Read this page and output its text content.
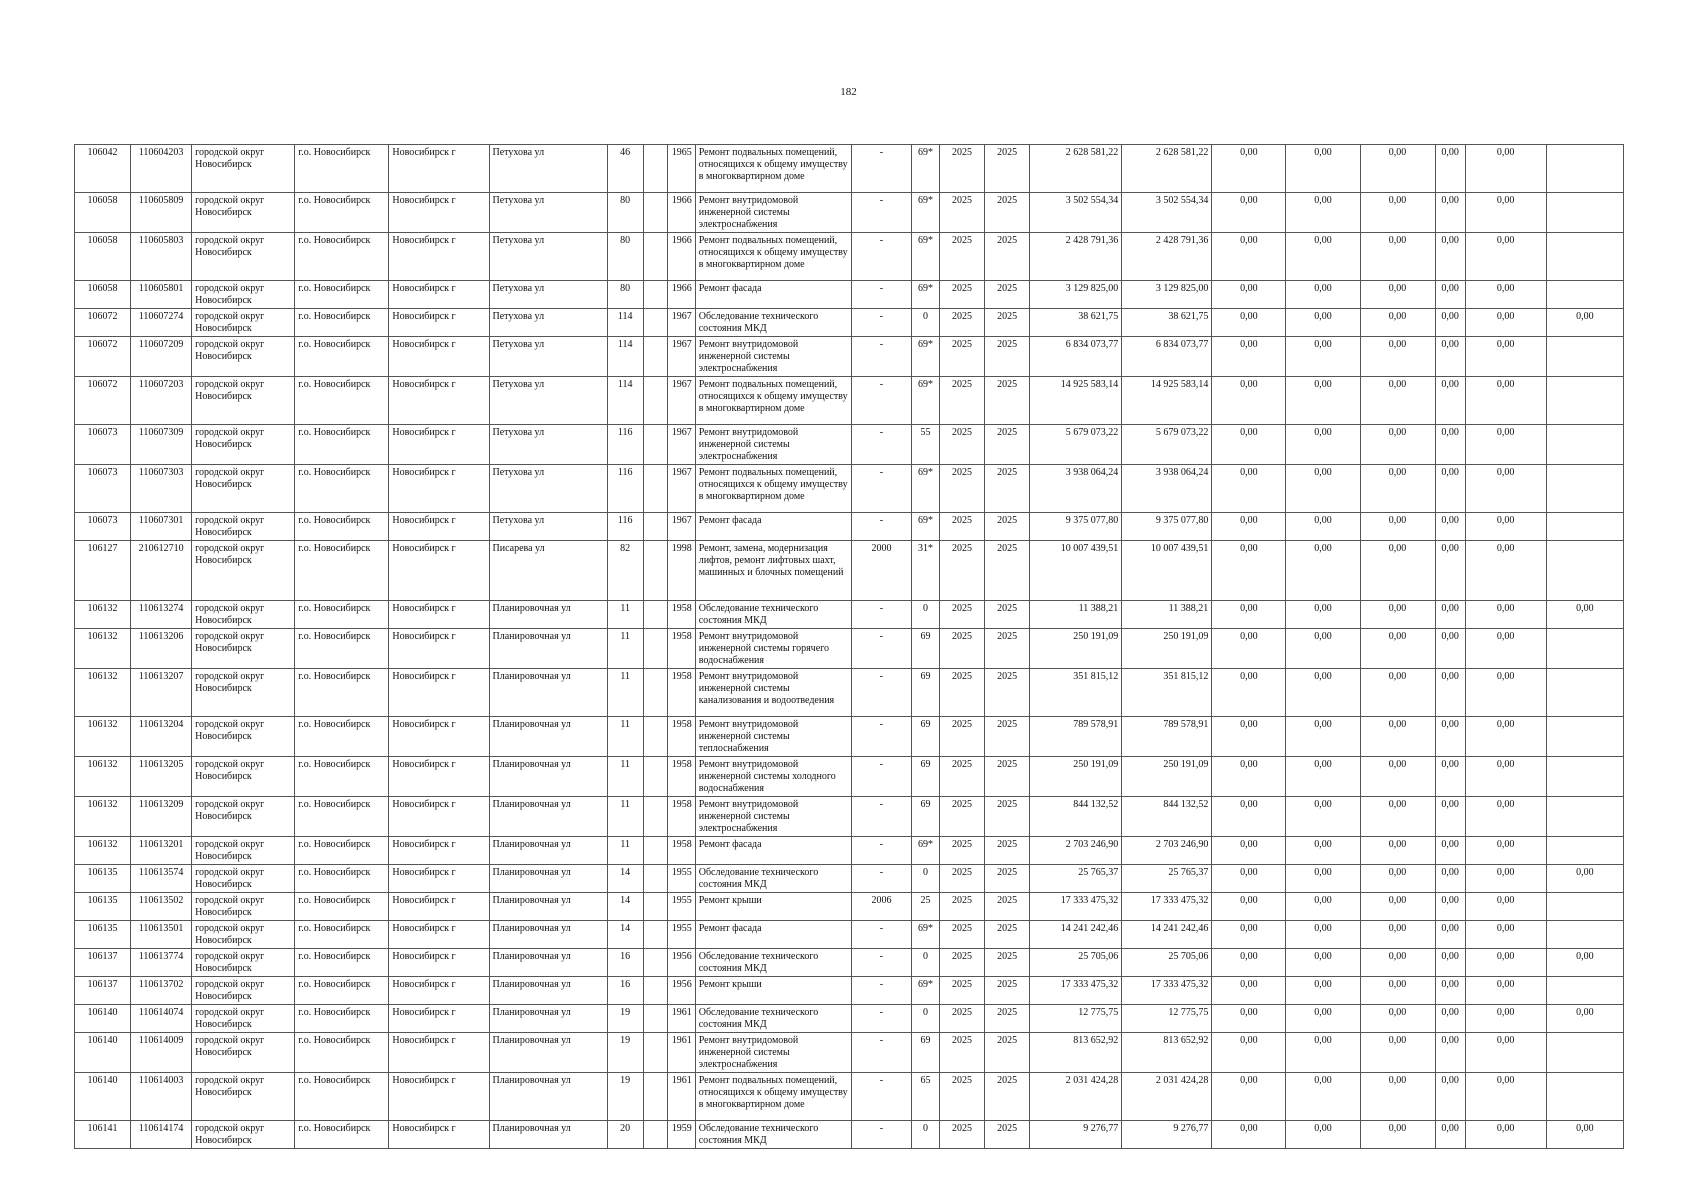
182
106042	110604203	городской округ Новосибирск	г.о. Новосибирск	Новосибирск г	Петухова ул	46		1965	Ремонт подвальных помещений, относящихся к общему имуществу в многоквартирном доме	-	69*	2025	2025	2 628 581,22	2 628 581,22	0,00	0,00	0,00	0,00	0,00	
106058	110605809	городской округ Новосибирск	г.о. Новосибирск	Новосибирск г	Петухова ул	80		1966	Ремонт внутридомовой инженерной системы электроснабжения	-	69*	2025	2025	3 502 554,34	3 502 554,34	0,00	0,00	0,00	0,00	0,00	
106058	110605803	городской округ Новосибирск	г.о. Новосибирск	Новосибирск г	Петухова ул	80		1966	Ремонт подвальных помещений, относящихся к общему имуществу в многоквартирном доме	-	69*	2025	2025	2 428 791,36	2 428 791,36	0,00	0,00	0,00	0,00	0,00	
106058	110605801	городской округ Новосибирск	г.о. Новосибирск	Новосибирск г	Петухова ул	80		1966	Ремонт фасада	-	69*	2025	2025	3 129 825,00	3 129 825,00	0,00	0,00	0,00	0,00	0,00	
106072	110607274	городской округ Новосибирск	г.о. Новосибирск	Новосибирск г	Петухова ул	114		1967	Обследование технического состояния МКД	-	0	2025	2025	38 621,75	38 621,75	0,00	0,00	0,00	0,00	0,00	0,00
106072	110607209	городской округ Новосибирск	г.о. Новосибирск	Новосибирск г	Петухова ул	114		1967	Ремонт внутридомовой инженерной системы электроснабжения	-	69*	2025	2025	6 834 073,77	6 834 073,77	0,00	0,00	0,00	0,00	0,00	
106072	110607203	городской округ Новосибирск	г.о. Новосибирск	Новосибирск г	Петухова ул	114		1967	Ремонт подвальных помещений, относящихся к общему имуществу в многоквартирном доме	-	69*	2025	2025	14 925 583,14	14 925 583,14	0,00	0,00	0,00	0,00	0,00	
106073	110607309	городской округ Новосибирск	г.о. Новосибирск	Новосибирск г	Петухова ул	116		1967	Ремонт внутридомовой инженерной системы электроснабжения	-	55	2025	2025	5 679 073,22	5 679 073,22	0,00	0,00	0,00	0,00	0,00	
106073	110607303	городской округ Новосибирск	г.о. Новосибирск	Новосибирск г	Петухова ул	116		1967	Ремонт подвальных помещений, относящихся к общему имуществу в многоквартирном доме	-	69*	2025	2025	3 938 064,24	3 938 064,24	0,00	0,00	0,00	0,00	0,00	
106073	110607301	городской округ Новосибирск	г.о. Новосибирск	Новосибирск г	Петухова ул	116		1967	Ремонт фасада	-	69*	2025	2025	9 375 077,80	9 375 077,80	0,00	0,00	0,00	0,00	0,00	
106127	210612710	городской округ Новосибирск	г.о. Новосибирск	Новосибирск г	Писарева ул	82		1998	Ремонт, замена, модернизация лифтов, ремонт лифтовых шахт, машинных и блочных помещений	2000	31*	2025	2025	10 007 439,51	10 007 439,51	0,00	0,00	0,00	0,00	0,00	
106132	110613274	городской округ Новосибирск	г.о. Новосибирск	Новосибирск г	Планировочная ул	11		1958	Обследование технического состояния МКД	-	0	2025	2025	11 388,21	11 388,21	0,00	0,00	0,00	0,00	0,00	0,00
106132	110613206	городской округ Новосибирск	г.о. Новосибирск	Новосибирск г	Планировочная ул	11		1958	Ремонт внутридомовой инженерной системы горячего водоснабжения	-	69	2025	2025	250 191,09	250 191,09	0,00	0,00	0,00	0,00	0,00	
106132	110613207	городской округ Новосибирск	г.о. Новосибирск	Новосибирск г	Планировочная ул	11		1958	Ремонт внутридомовой инженерной системы канализования и водоотведения	-	69	2025	2025	351 815,12	351 815,12	0,00	0,00	0,00	0,00	0,00	
106132	110613204	городской округ Новосибирск	г.о. Новосибирск	Новосибирск г	Планировочная ул	11		1958	Ремонт внутридомовой инженерной системы теплоснабжения	-	69	2025	2025	789 578,91	789 578,91	0,00	0,00	0,00	0,00	0,00	
106132	110613205	городской округ Новосибирск	г.о. Новосибирск	Новосибирск г	Планировочная ул	11		1958	Ремонт внутридомовой инженерной системы холодного водоснабжения	-	69	2025	2025	250 191,09	250 191,09	0,00	0,00	0,00	0,00	0,00	
106132	110613209	городской округ Новосибирск	г.о. Новосибирск	Новосибирск г	Планировочная ул	11		1958	Ремонт внутридомовой инженерной системы электроснабжения	-	69	2025	2025	844 132,52	844 132,52	0,00	0,00	0,00	0,00	0,00	
106132	110613201	городской округ Новосибирск	г.о. Новосибирск	Новосибирск г	Планировочная ул	11		1958	Ремонт фасада	-	69*	2025	2025	2 703 246,90	2 703 246,90	0,00	0,00	0,00	0,00	0,00	
106135	110613574	городской округ Новосибирск	г.о. Новосибирск	Новосибирск г	Планировочная ул	14		1955	Обследование технического состояния МКД	-	0	2025	2025	25 765,37	25 765,37	0,00	0,00	0,00	0,00	0,00	0,00
106135	110613502	городской округ Новосибирск	г.о. Новосибирск	Новосибирск г	Планировочная ул	14		1955	Ремонт крыши	2006	25	2025	2025	17 333 475,32	17 333 475,32	0,00	0,00	0,00	0,00	0,00	
106135	110613501	городской округ Новосибирск	г.о. Новосибирск	Новосибирск г	Планировочная ул	14		1955	Ремонт фасада	-	69*	2025	2025	14 241 242,46	14 241 242,46	0,00	0,00	0,00	0,00	0,00	
106137	110613774	городской округ Новосибирск	г.о. Новосибирск	Новосибирск г	Планировочная ул	16		1956	Обследование технического состояния МКД	-	0	2025	2025	25 705,06	25 705,06	0,00	0,00	0,00	0,00	0,00	0,00
106137	110613702	городской округ Новосибирск	г.о. Новосибирск	Новосибирск г	Планировочная ул	16		1956	Ремонт крыши	-	69*	2025	2025	17 333 475,32	17 333 475,32	0,00	0,00	0,00	0,00	0,00	
106140	110614074	городской округ Новосибирск	г.о. Новосибирск	Новосибирск г	Планировочная ул	19		1961	Обследование технического состояния МКД	-	0	2025	2025	12 775,75	12 775,75	0,00	0,00	0,00	0,00	0,00	0,00
106140	110614009	городской округ Новосибирск	г.о. Новосибирск	Новосибирск г	Планировочная ул	19		1961	Ремонт внутридомовой инженерной системы электроснабжения	-	69	2025	2025	813 652,92	813 652,92	0,00	0,00	0,00	0,00	0,00	
106140	110614003	городской округ Новосибирск	г.о. Новосибирск	Новосибирск г	Планировочная ул	19		1961	Ремонт подвальных помещений, относящихся к общему имуществу в многоквартирном доме	-	65	2025	2025	2 031 424,28	2 031 424,28	0,00	0,00	0,00	0,00	0,00	
106141	110614174	городской округ Новосибирск	г.о. Новосибирск	Новосибирск г	Планировочная ул	20		1959	Обследование технического состояния МКД	-	0	2025	2025	9 276,77	9 276,77	0,00	0,00	0,00	0,00	0,00	0,00
